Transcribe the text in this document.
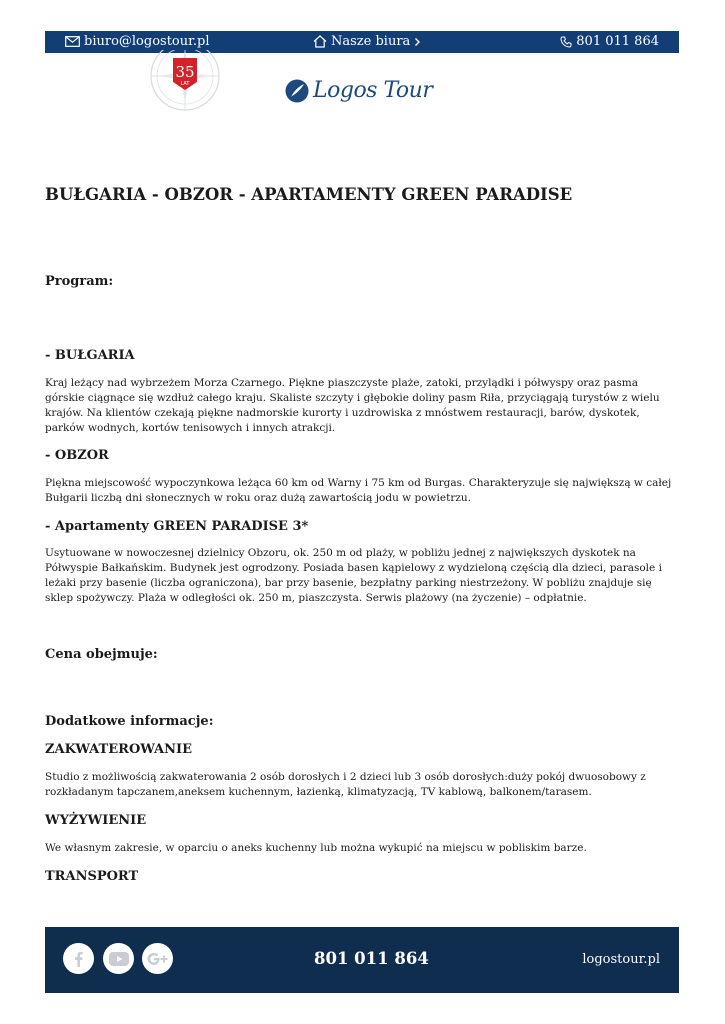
biuro@logostour.pl	Nasze biura	801 011 864
35
LAT	Logos Tour
BUŁGARIA - OBZOR - APARTAMENTY GREEN PARADISE
Program:
- BUŁGARIA

Kraj leżący nad wybrzeżem Morza Czarnego. Piękne piaszczyste plaże, zatoki, przylądki i półwyspy oraz pasma górskie ciągnące się wzdłuż całego kraju. Skaliste szczyty i głębokie doliny pasm Riła, przyciągają turystów z wielu krajów. Na klientów czekają piękne nadmorskie kurorty i uzdrowiska z mnóstwem restauracji, barów, dyskotek, parków wodnych, kortów tenisowych i innych atrakcji.

- OBZOR

Piękna miejscowość wypoczynkowa leżąca 60 km od Warny i 75 km od Burgas. Charakteryzuje się największą w całej Bułgarii liczbą dni słonecznych w roku oraz dużą zawartością jodu w powietrzu.

- Apartamenty GREEN PARADISE 3*

Usytuowane w nowoczesnej dzielnicy Obzoru, ok. 250 m od plaży, w pobliżu jednej z największych dyskotek na Półwyspie Bałkańskim. Budynek jest ogrodzony. Posiada basen kąpielowy z wydzieloną częścią dla dzieci, parasole i leżaki przy basenie (liczba ograniczona), bar przy basenie, bezpłatny parking niestrzeżony. W pobliżu znajduje się sklep spożywczy. Plaża w odległości ok. 250 m, piaszczysta. Serwis plażowy (na życzenie) – odpłatnie.

Cena obejmuje:
Dodatkowe informacje:
ZAKWATEROWANIE

Studio z możliwością zakwaterowania 2 osób dorosłych i 2 dzieci lub 3 osób dorosłych:duży pokój dwuosobowy z rozkładanym tapczanem,aneksem kuchennym, łazienką, klimatyzacją, TV kablową, balkonem/tarasem.

WYŻYWIENIE

We własnym zakresie, w oparciu o aneks kuchenny lub można wykupić na miejscu w pobliskim barze.

TRANSPORT
801 011 864	logostour.pl
